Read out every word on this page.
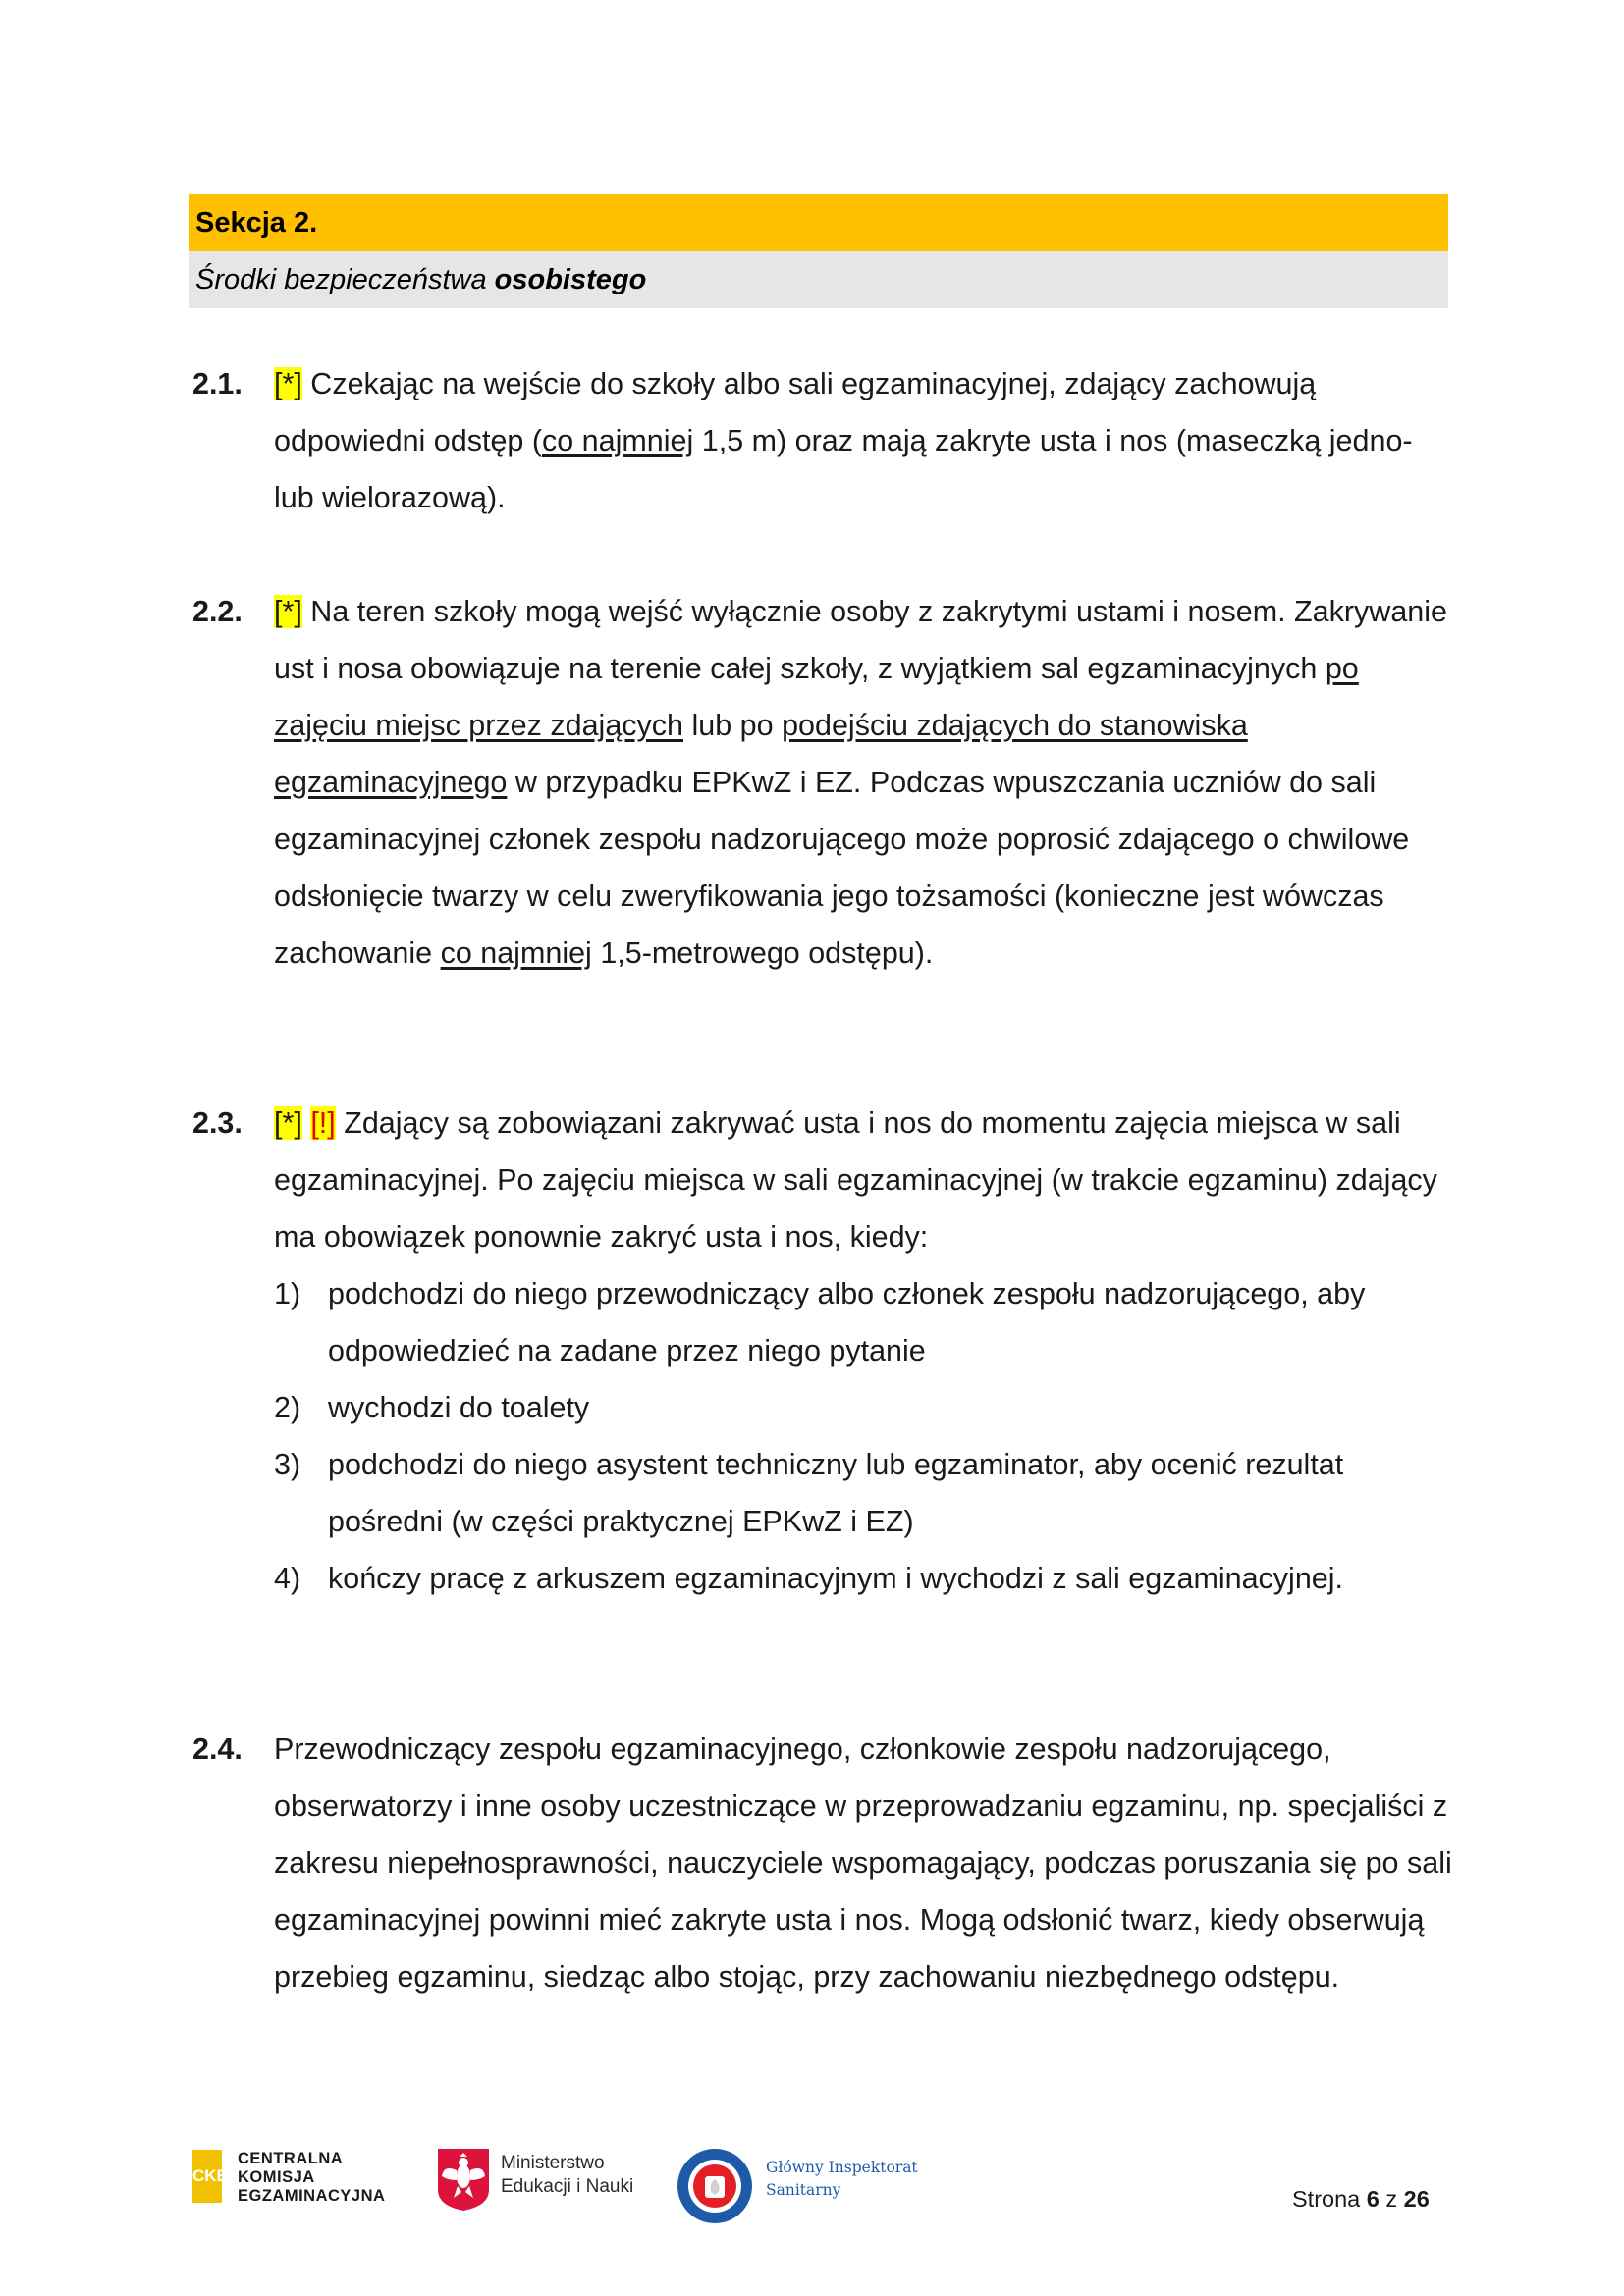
Sekcja 2.
Środki bezpieczeństwa osobistego
2.1. [*] Czekając na wejście do szkoły albo sali egzaminacyjnej, zdający zachowują odpowiedni odstęp (co najmniej 1,5 m) oraz mają zakryte usta i nos (maseczką jedno- lub wielorazową).
2.2. [*] Na teren szkoły mogą wejść wyłącznie osoby z zakrytymi ustami i nosem. Zakrywanie ust i nosa obowiązuje na terenie całej szkoły, z wyjątkiem sal egzaminacyjnych po zajęciu miejsc przez zdających lub po podejściu zdających do stanowiska egzaminacyjnego w przypadku EPKwZ i EZ. Podczas wpuszczania uczniów do sali egzaminacyjnej członek zespołu nadzorującego może poprosić zdającego o chwilowe odsłonięcie twarzy w celu zweryfikowania jego tożsamości (konieczne jest wówczas zachowanie co najmniej 1,5-metrowego odstępu).
2.3. [*] [!] Zdający są zobowiązani zakrywać usta i nos do momentu zajęcia miejsca w sali egzaminacyjnej. Po zajęciu miejsca w sali egzaminacyjnej (w trakcie egzaminu) zdający ma obowiązek ponownie zakryć usta i nos, kiedy:
1) podchodzi do niego przewodniczący albo członek zespołu nadzorującego, aby odpowiedzieć na zadane przez niego pytanie
2) wychodzi do toalety
3) podchodzi do niego asystent techniczny lub egzaminator, aby ocenić rezultat pośredni (w części praktycznej EPKwZ i EZ)
4) kończy pracę z arkuszem egzaminacyjnym i wychodzi z sali egzaminacyjnej.
2.4. Przewodniczący zespołu egzaminacyjnego, członkowie zespołu nadzorującego, obserwatorzy i inne osoby uczestniczące w przeprowadzaniu egzaminu, np. specjaliści z zakresu niepełnosprawności, nauczyciele wspomagający, podczas poruszania się po sali egzaminacyjnej powinni mieć zakryte usta i nos. Mogą odsłonić twarz, kiedy obserwują przebieg egzaminu, siedząc albo stojąc, przy zachowaniu niezbędnego odstępu.
CKE
CENTRALNA
KOMISJA
EGZAMINACYJNA
Ministerstwo
Edukacji i Nauki
Główny Inspektorat
Sanitarny	Strona 6 z 26
